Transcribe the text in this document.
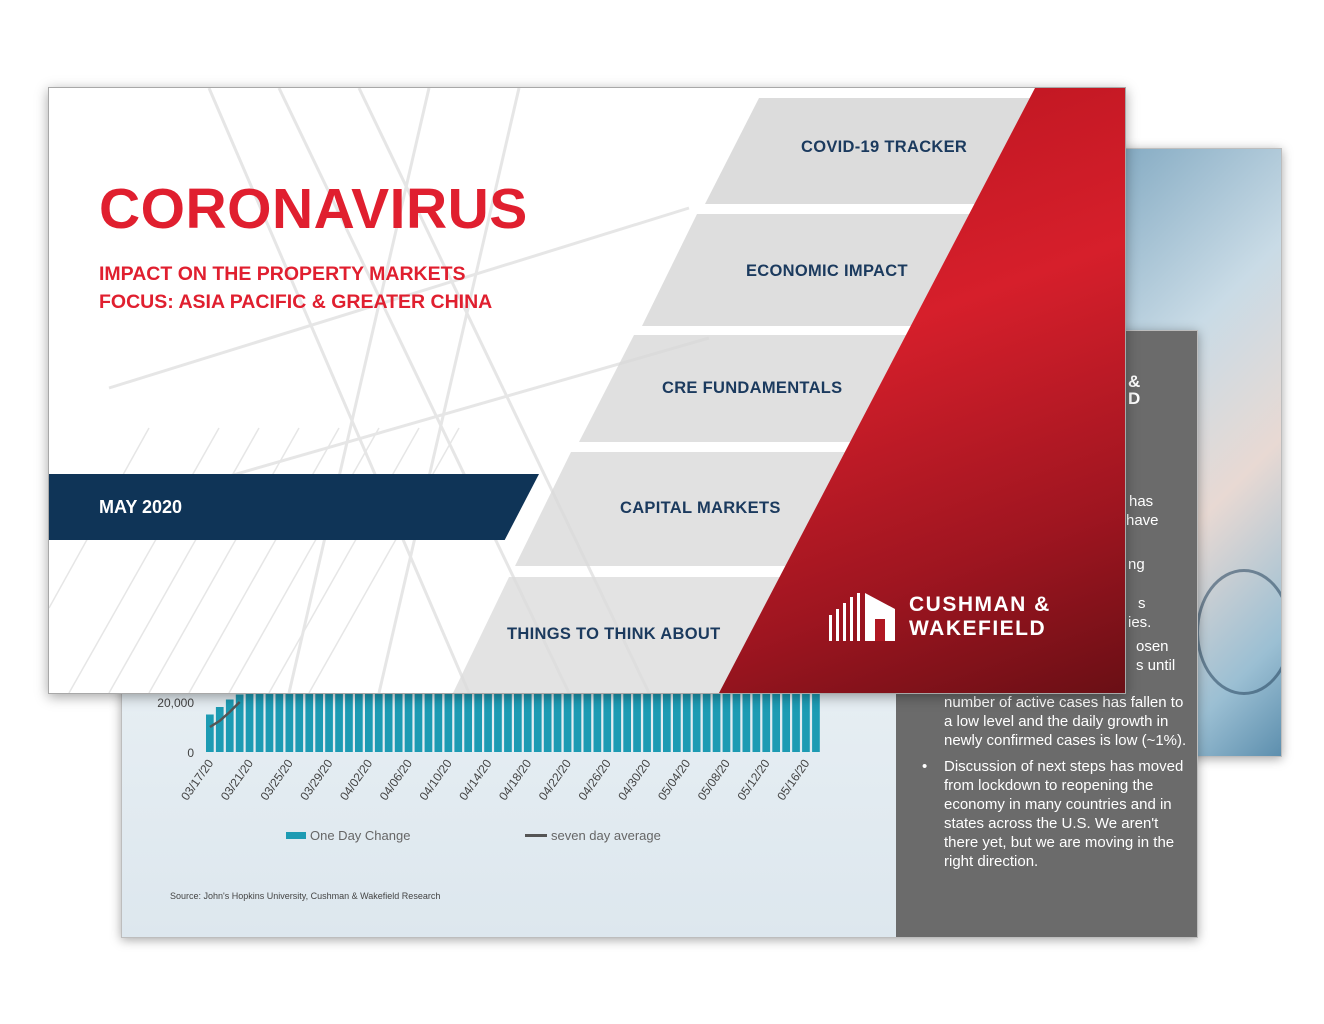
20,000
0
03/17/20 03/21/20 03/25/20 03/29/20 04/02/20 04/06/20 04/10/20 04/14/20 04/18/20 04/22/20 04/26/20 04/30/20 05/04/20 05/08/20 05/12/20 05/16/20
One Day Change	seven day average
Source: John's Hopkins University, Cushman & Wakefield Research
&
D
has
have
ng
s
ies.
osen
s until

number of active cases has fallen to a low level and the daily growth in newly confirmed cases is low (~1%).

•	Discussion of next steps has moved from lockdown to reopening the economy in many countries and in states across the U.S. We aren't there yet, but we are moving in the right direction.

CORONAVIRUS
IMPACT ON THE PROPERTY MARKETS
FOCUS: ASIA PACIFIC & GREATER CHINA
MAY 2020
COVID-19 TRACKER
ECONOMIC IMPACT
CRE FUNDAMENTALS
CAPITAL MARKETS
THINGS TO THINK ABOUT
CUSHMAN &
WAKEFIELD
